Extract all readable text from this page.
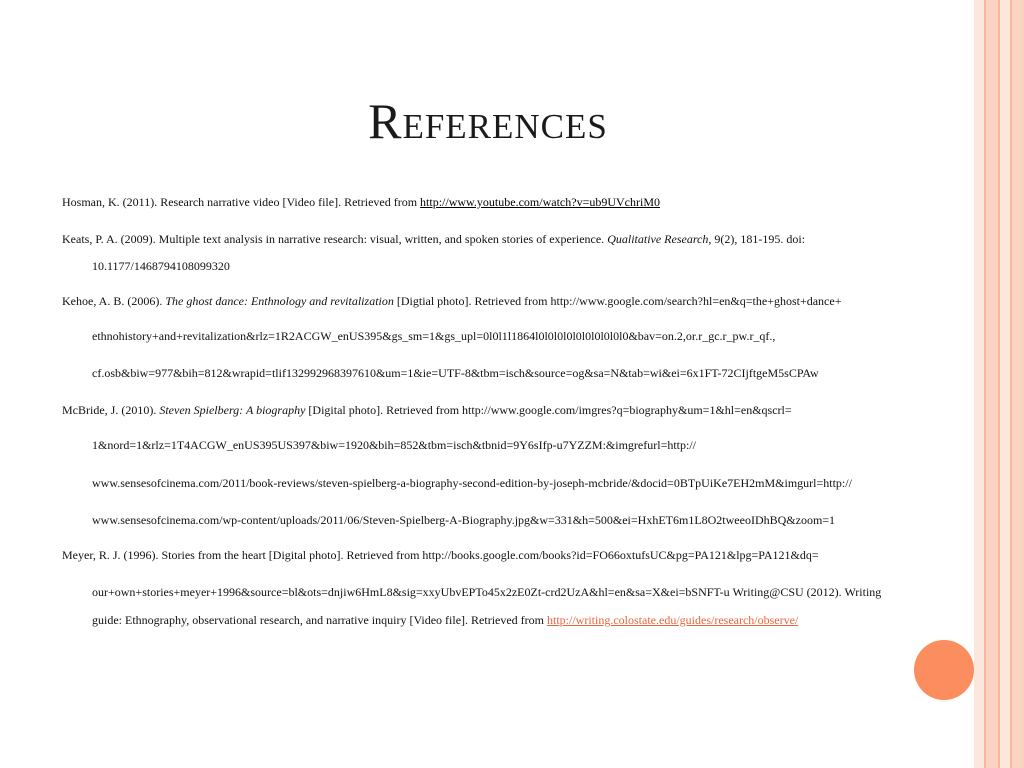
References
Hosman, K. (2011). Research narrative video [Video file]. Retrieved from http://www.youtube.com/watch?v=ub9UVchriM0
Keats, P. A. (2009). Multiple text analysis in narrative research: visual, written, and spoken stories of experience. Qualitative Research, 9(2), 181-195. doi:
10.1177/1468794108099320
Kehoe, A. B. (2006). The ghost dance: Enthnology and revitalization [Digtial photo]. Retrieved from http://www.google.com/search?hl=en&q=the+ghost+dance+
ethnohistory+and+revitalization&rlz=1R2ACGW_enUS395&gs_sm=1&gs_upl=0l0l1l1864l0l0l0l0l0l0l0l0l0l0&bav=on.2,or.r_gc.r_pw.r_qf.,
cf.osb&biw=977&bih=812&wrapid=tlif132992968397610&um=1&ie=UTF-8&tbm=isch&source=og&sa=N&tab=wi&ei=6x1FT-72CIjftgeM5sCPAw
McBride, J. (2010). Steven Spielberg: A biography [Digital photo]. Retrieved from http://www.google.com/imgres?q=biography&um=1&hl=en&qscrl=
1&nord=1&rlz=1T4ACGW_enUS395US397&biw=1920&bih=852&tbm=isch&tbnid=9Y6sIfp-u7YZZM:&imgrefurl=http://
www.sensesofcinema.com/2011/book-reviews/steven-spielberg-a-biography-second-edition-by-joseph-mcbride/&docid=0BTpUiKe7EH2mM&imgurl=http://
www.sensesofcinema.com/wp-content/uploads/2011/06/Steven-Spielberg-A-Biography.jpg&w=331&h=500&ei=HxhET6m1L8O2tweeoIDhBQ&zoom=1
Meyer, R. J. (1996). Stories from the heart [Digital photo]. Retrieved from http://books.google.com/books?id=FO66oxtufsUC&pg=PA121&lpg=PA121&dq=
our+own+stories+meyer+1996&source=bl&ots=dnjiw6HmL8&sig=xxyUbvEPTo45x2zE0Zt-crd2UzA&hl=en&sa=X&ei=bSNFT-u Writing@CSU (2012). Writing
guide: Ethnography, observational research, and narrative inquiry [Video file]. Retrieved from http://writing.colostate.edu/guides/research/observe/
